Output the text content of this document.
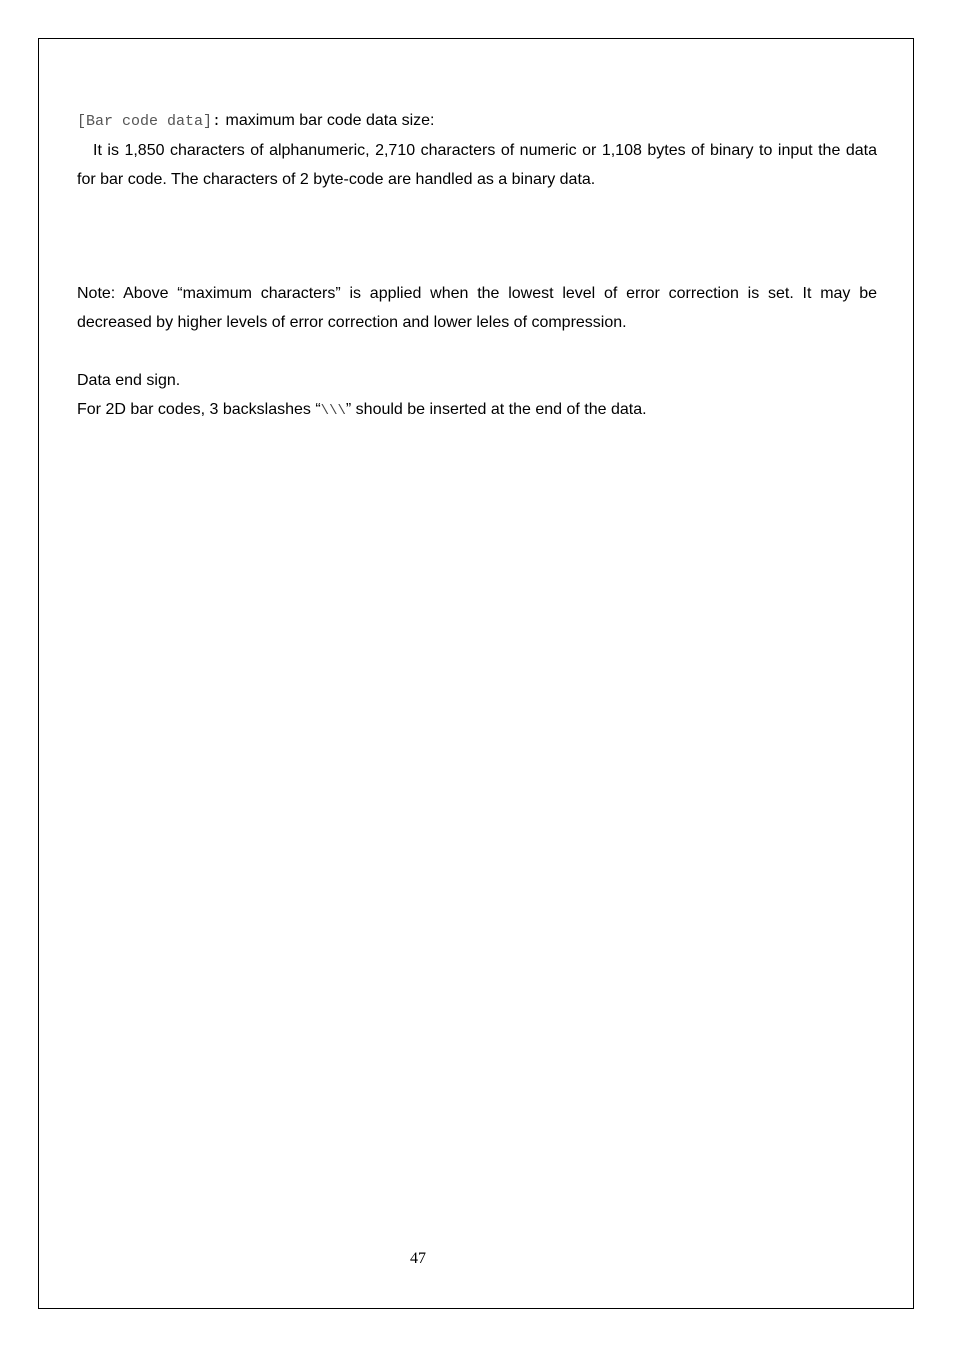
[Bar code data]: maximum bar code data size:

It is 1,850 characters of alphanumeric, 2,710 characters of numeric or 1,108 bytes of binary to input the data for bar code. The characters of 2 byte-code are handled as a binary data.

Note: Above “maximum characters” is applied when the lowest level of error correction is set. It may be decreased by higher levels of error correction and lower leles of compression.

Data end sign.

For 2D bar codes, 3 backslashes “\\\” should be inserted at the end of the data.

47
